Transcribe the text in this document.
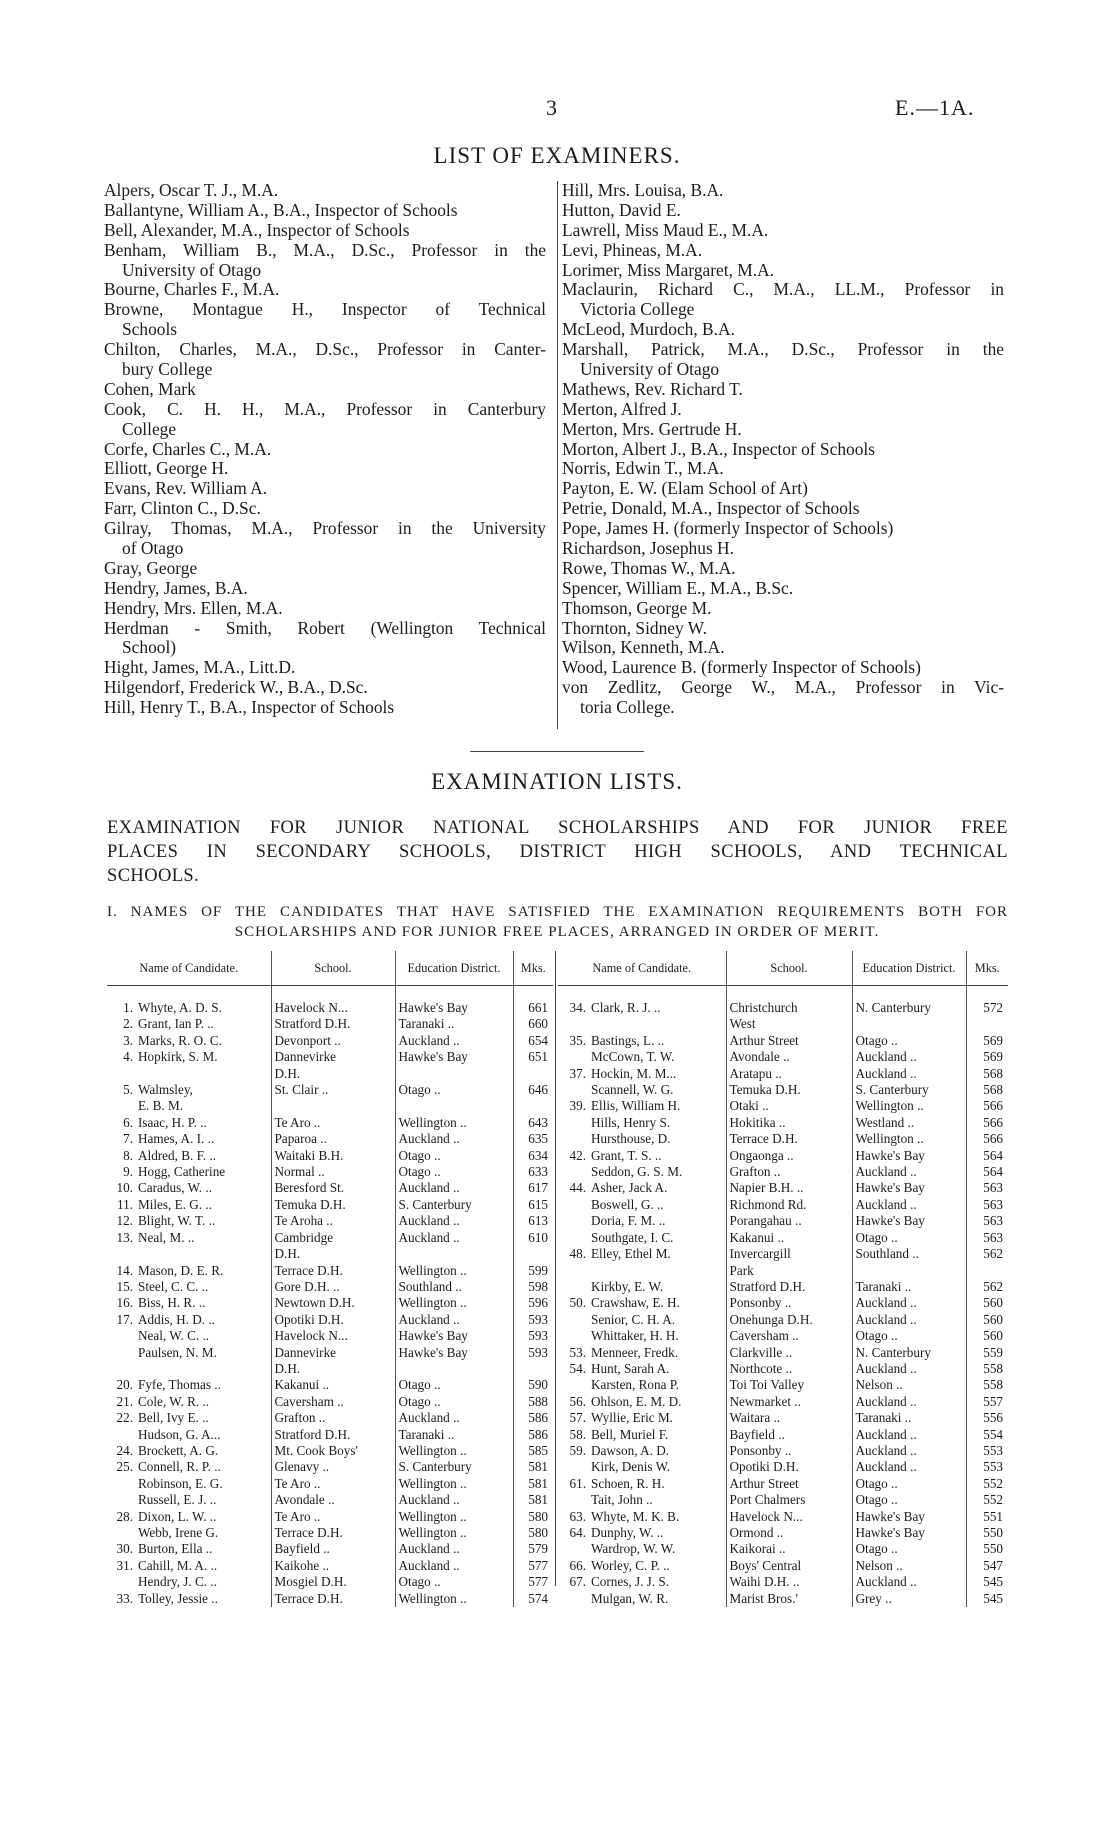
3	E.—1A.
LIST OF EXAMINERS.
Alpers, Oscar T. J., M.A.
Ballantyne, William A., B.A., Inspector of Schools
Bell, Alexander, M.A., Inspector of Schools
Benham, William B., M.A., D.Sc., Professor in the
University of Otago
Bourne, Charles F., M.A.
Browne, Montague H., Inspector of Technical
Schools
Chilton, Charles, M.A., D.Sc., Professor in Canter-
bury College
Cohen, Mark
Cook, C. H. H., M.A., Professor in Canterbury
College
Corfe, Charles C., M.A.
Elliott, George H.
Evans, Rev. William A.
Farr, Clinton C., D.Sc.
Gilray, Thomas, M.A., Professor in the University
of Otago
Gray, George
Hendry, James, B.A.
Hendry, Mrs. Ellen, M.A.
Herdman - Smith, Robert (Wellington Technical
School)
Hight, James, M.A., Litt.D.
Hilgendorf, Frederick W., B.A., D.Sc.
Hill, Henry T., B.A., Inspector of Schools
Hill, Mrs. Louisa, B.A.
Hutton, David E.
Lawrell, Miss Maud E., M.A.
Levi, Phineas, M.A.
Lorimer, Miss Margaret, M.A.
Maclaurin, Richard C., M.A., LL.M., Professor in
Victoria College
McLeod, Murdoch, B.A.
Marshall, Patrick, M.A., D.Sc., Professor in the
University of Otago
Mathews, Rev. Richard T.
Merton, Alfred J.
Merton, Mrs. Gertrude H.
Morton, Albert J., B.A., Inspector of Schools
Norris, Edwin T., M.A.
Payton, E. W. (Elam School of Art)
Petrie, Donald, M.A., Inspector of Schools
Pope, James H. (formerly Inspector of Schools)
Richardson, Josephus H.
Rowe, Thomas W., M.A.
Spencer, William E., M.A., B.Sc.
Thomson, George M.
Thornton, Sidney W.
Wilson, Kenneth, M.A.
Wood, Laurence B. (formerly Inspector of Schools)
von Zedlitz, George W., M.A., Professor in Vic-
toria College.
EXAMINATION LISTS.
EXAMINATION FOR JUNIOR NATIONAL SCHOLARSHIPS AND FOR JUNIOR FREE
PLACES IN SECONDARY SCHOOLS, DISTRICT HIGH SCHOOLS, AND TECHNICAL
SCHOOLS.
I. NAMES OF THE CANDIDATES THAT HAVE SATISFIED THE EXAMINATION REQUIREMENTS BOTH FOR
SCHOLARSHIPS AND FOR JUNIOR FREE PLACES, ARRANGED IN ORDER OF MERIT.
Name of Candidate.		School.	Education District.	Mks.

1.	Whyte, A. D. S.	Havelock N...	Hawke's Bay	661
2.	Grant, Ian P. ..	Stratford D.H.	Taranaki ..	660
3.	Marks, R. O. C.	Devonport ..	Auckland ..	654
4.	Hopkirk, S. M.	Dannevirke	Hawke's Bay	651
		D.H.		
5.	Walmsley,	St. Clair ..	Otago ..	646
	E. B. M.			
6.	Isaac, H. P. ..	Te Aro ..	Wellington ..	643
7.	Hames, A. I. ..	Paparoa ..	Auckland ..	635
8.	Aldred, B. F. ..	Waitaki B.H.	Otago ..	634
9.	Hogg, Catherine	Normal ..	Otago ..	633
10.	Caradus, W. ..	Beresford St.	Auckland ..	617
11.	Miles, E. G. ..	Temuka D.H.	S. Canterbury	615
12.	Blight, W. T. ..	Te Aroha ..	Auckland ..	613
13.	Neal, M. ..	Cambridge	Auckland ..	610
		D.H.		
14.	Mason, D. E. R.	Terrace D.H.	Wellington ..	599
15.	Steel, C. C. ..	Gore D.H. ..	Southland ..	598
16.	Biss, H. R. ..	Newtown D.H.	Wellington ..	596
17.	Addis, H. D. ..	Opotiki D.H.	Auckland ..	593
	Neal, W. C. ..	Havelock N...	Hawke's Bay	593
	Paulsen, N. M.	Dannevirke	Hawke's Bay	593
		D.H.		
20.	Fyfe, Thomas ..	Kakanui ..	Otago ..	590
21.	Cole, W. R. ..	Caversham ..	Otago ..	588
22.	Bell, Ivy E. ..	Grafton ..	Auckland ..	586
	Hudson, G. A...	Stratford D.H.	Taranaki ..	586
24.	Brockett, A. G.	Mt. Cook Boys'	Wellington ..	585
25.	Connell, R. P. ..	Glenavy ..	S. Canterbury	581
	Robinson, E. G.	Te Aro ..	Wellington ..	581
	Russell, E. J. ..	Avondale ..	Auckland ..	581
28.	Dixon, L. W. ..	Te Aro ..	Wellington ..	580
	Webb, Irene G.	Terrace D.H.	Wellington ..	580
30.	Burton, Ella ..	Bayfield ..	Auckland ..	579
31.	Cahill, M. A. ..	Kaikohe ..	Auckland ..	577
	Hendry, J. C. ..	Mosgiel D.H.	Otago ..	577
33.	Tolley, Jessie ..	Terrace D.H.	Wellington ..	574
Name of Candidate.		School.	Education District.	Mks.

34.	Clark, R. J. ..	Christchurch	N. Canterbury	572
		West		
35.	Bastings, L. ..	Arthur Street	Otago ..	569
	McCown, T. W.	Avondale ..	Auckland ..	569
37.	Hockin, M. M...	Aratapu ..	Auckland ..	568
	Scannell, W. G.	Temuka D.H.	S. Canterbury	568
39.	Ellis, William H.	Otaki ..	Wellington ..	566
	Hills, Henry S.	Hokitika ..	Westland ..	566
	Hursthouse, D.	Terrace D.H.	Wellington ..	566
42.	Grant, T. S. ..	Ongaonga ..	Hawke's Bay	564
	Seddon, G. S. M.	Grafton ..	Auckland ..	564
44.	Asher, Jack A.	Napier B.H. ..	Hawke's Bay	563
	Boswell, G. ..	Richmond Rd.	Auckland ..	563
	Doria, F. M. ..	Porangahau ..	Hawke's Bay	563
	Southgate, I. C.	Kakanui ..	Otago ..	563
48.	Elley, Ethel M.	Invercargill	Southland ..	562
		Park		
	Kirkby, E. W.	Stratford D.H.	Taranaki ..	562
50.	Crawshaw, E. H.	Ponsonby ..	Auckland ..	560
	Senior, C. H. A.	Onehunga D.H.	Auckland ..	560
	Whittaker, H. H.	Caversham ..	Otago ..	560
53.	Menneer, Fredk.	Clarkville ..	N. Canterbury	559
54.	Hunt, Sarah A.	Northcote ..	Auckland ..	558
	Karsten, Rona P.	Toi Toi Valley	Nelson ..	558
56.	Ohlson, E. M. D.	Newmarket ..	Auckland ..	557
57.	Wyllie, Eric M.	Waitara ..	Taranaki ..	556
58.	Bell, Muriel F.	Bayfield ..	Auckland ..	554
59.	Dawson, A. D.	Ponsonby ..	Auckland ..	553
	Kirk, Denis W.	Opotiki D.H.	Auckland ..	553
61.	Schoen, R. H.	Arthur Street	Otago ..	552
	Tait, John ..	Port Chalmers	Otago ..	552
63.	Whyte, M. K. B.	Havelock N...	Hawke's Bay	551
64.	Dunphy, W. ..	Ormond ..	Hawke's Bay	550
	Wardrop, W. W.	Kaikorai ..	Otago ..	550
66.	Worley, C. P. ..	Boys' Central	Nelson ..	547
67.	Cornes, J. J. S.	Waihi D.H. ..	Auckland ..	545
	Mulgan, W. R.	Marist Bros.'	Grey ..	545
